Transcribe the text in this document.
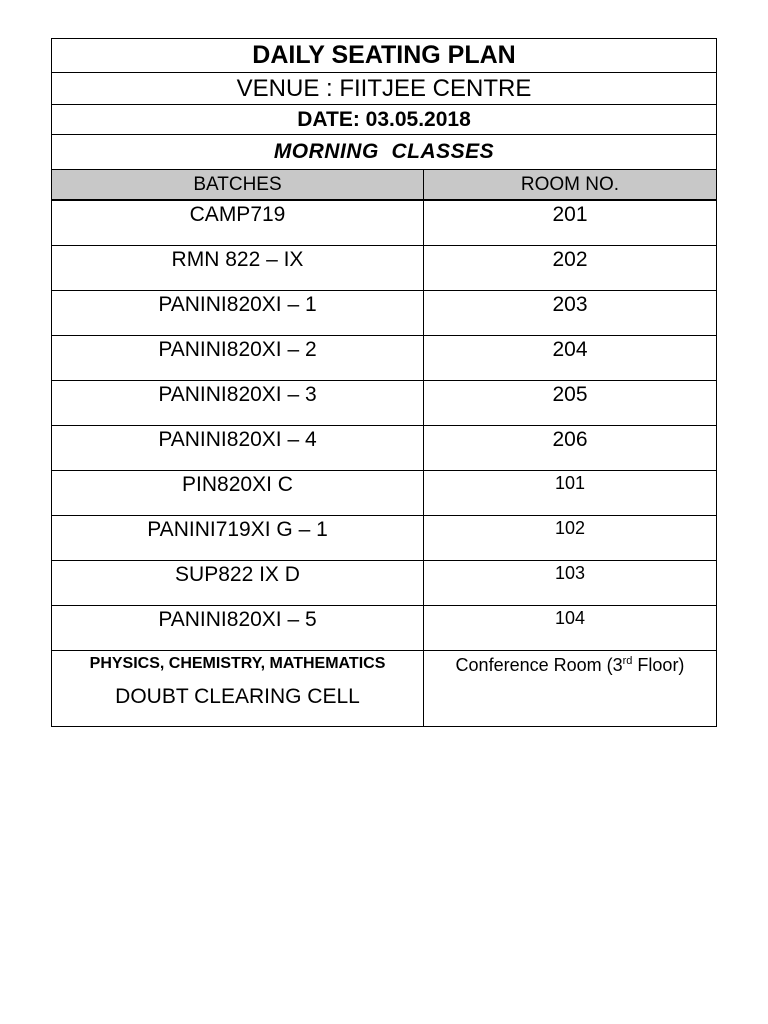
DAILY SEATING PLAN	
VENUE : FIITJEE CENTRE	
DATE: 03.05.2018	
MORNING  CLASSES	
BATCHES	ROOM NO.
CAMP719	201
RMN 822 – IX	202
PANINI820XI – 1	203
PANINI820XI – 2	204
PANINI820XI – 3	205
PANINI820XI – 4	206
PIN820XI C	101
PANINI719XI G – 1	102
SUP822 IX D	103
PANINI820XI – 5	104

PHYSICS, CHEMISTRY, MATHEMATICS
DOUBT CLEARING CELL	Conference Room (3rd Floor)
